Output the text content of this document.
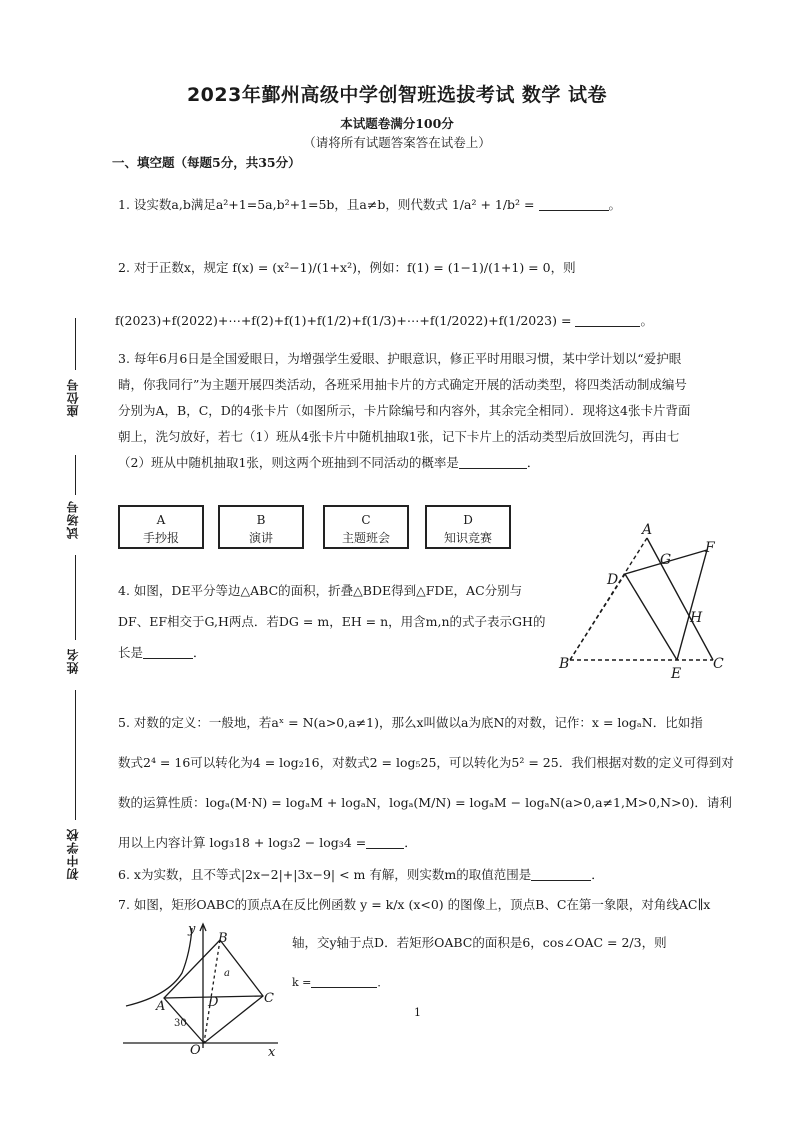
2023年鄞州高级中学创智班选拔考试 数学 试卷
本试题卷满分100分
（请将所有试题答案答在试卷上）
一、填空题（每题5分，共35分）
座位号
试场号
姓名
初中学校
1. 设实数a,b满足a²+1=5a,b²+1=5b，且a≠b，则代数式 1/a² + 1/b² =	。
2. 对于正数x，规定 f(x) = (x²−1)/(1+x²)，例如：f(1) = (1−1)/(1+1) = 0，则
f(2023)+f(2022)+⋯+f(2)+f(1)+f(1/2)+f(1/3)+⋯+f(1/2022)+f(1/2023) =	。
3. 每年6月6日是全国爱眼日，为增强学生爱眼、护眼意识，修正平时用眼习惯，某中学计划以“爱护眼
睛，你我同行”为主题开展四类活动，各班采用抽卡片的方式确定开展的活动类型，将四类活动制成编号
分别为A，B，C，D的4张卡片（如图所示，卡片除编号和内容外，其余完全相同）．现将这4张卡片背面
朝上，洗匀放好，若七（1）班从4张卡片中随机抽取1张，记下卡片上的活动类型后放回洗匀，再由七
（2）班从中随机抽取1张，则这两个班抽到不同活动的概率是	．
A
手抄报
B
演讲
C
主题班会
D
知识竞赛
4. 如图，DE平分等边△ABC的面积，折叠△BDE得到△FDE，AC分别与
DF、EF相交于G,H两点．若DG = m，EH = n，用含m,n的式子表示GH的
长是	．
A
F
G
D
H
B
E
C
5. 对数的定义：一般地，若aˣ = N(a>0,a≠1)，那么x叫做以a为底N的对数，记作：x = logₐN．比如指
数式2⁴ = 16可以转化为4 = log₂16，对数式2 = log₅25，可以转化为5² = 25．我们根据对数的定义可得到对
数的运算性质：logₐ(M·N) = logₐM + logₐN，logₐ(M/N) = logₐM − logₐN(a>0,a≠1,M>0,N>0)．请利
用以上内容计算 log₃18 + log₃2 − log₃4 =	．
6. x为实数，且不等式|2x−2|+|3x−9| < m 有解，则实数m的取值范围是	．
7. 如图，矩形OABC的顶点A在反比例函数 y = k/x (x<0) 的图像上，顶点B、C在第一象限，对角线AC∥x
轴，交y轴于点D．若矩形OABC的面积是6，cos∠OAC = 2/3，则
k =	．
y
B
a
D	C
A
30
O	x
1
